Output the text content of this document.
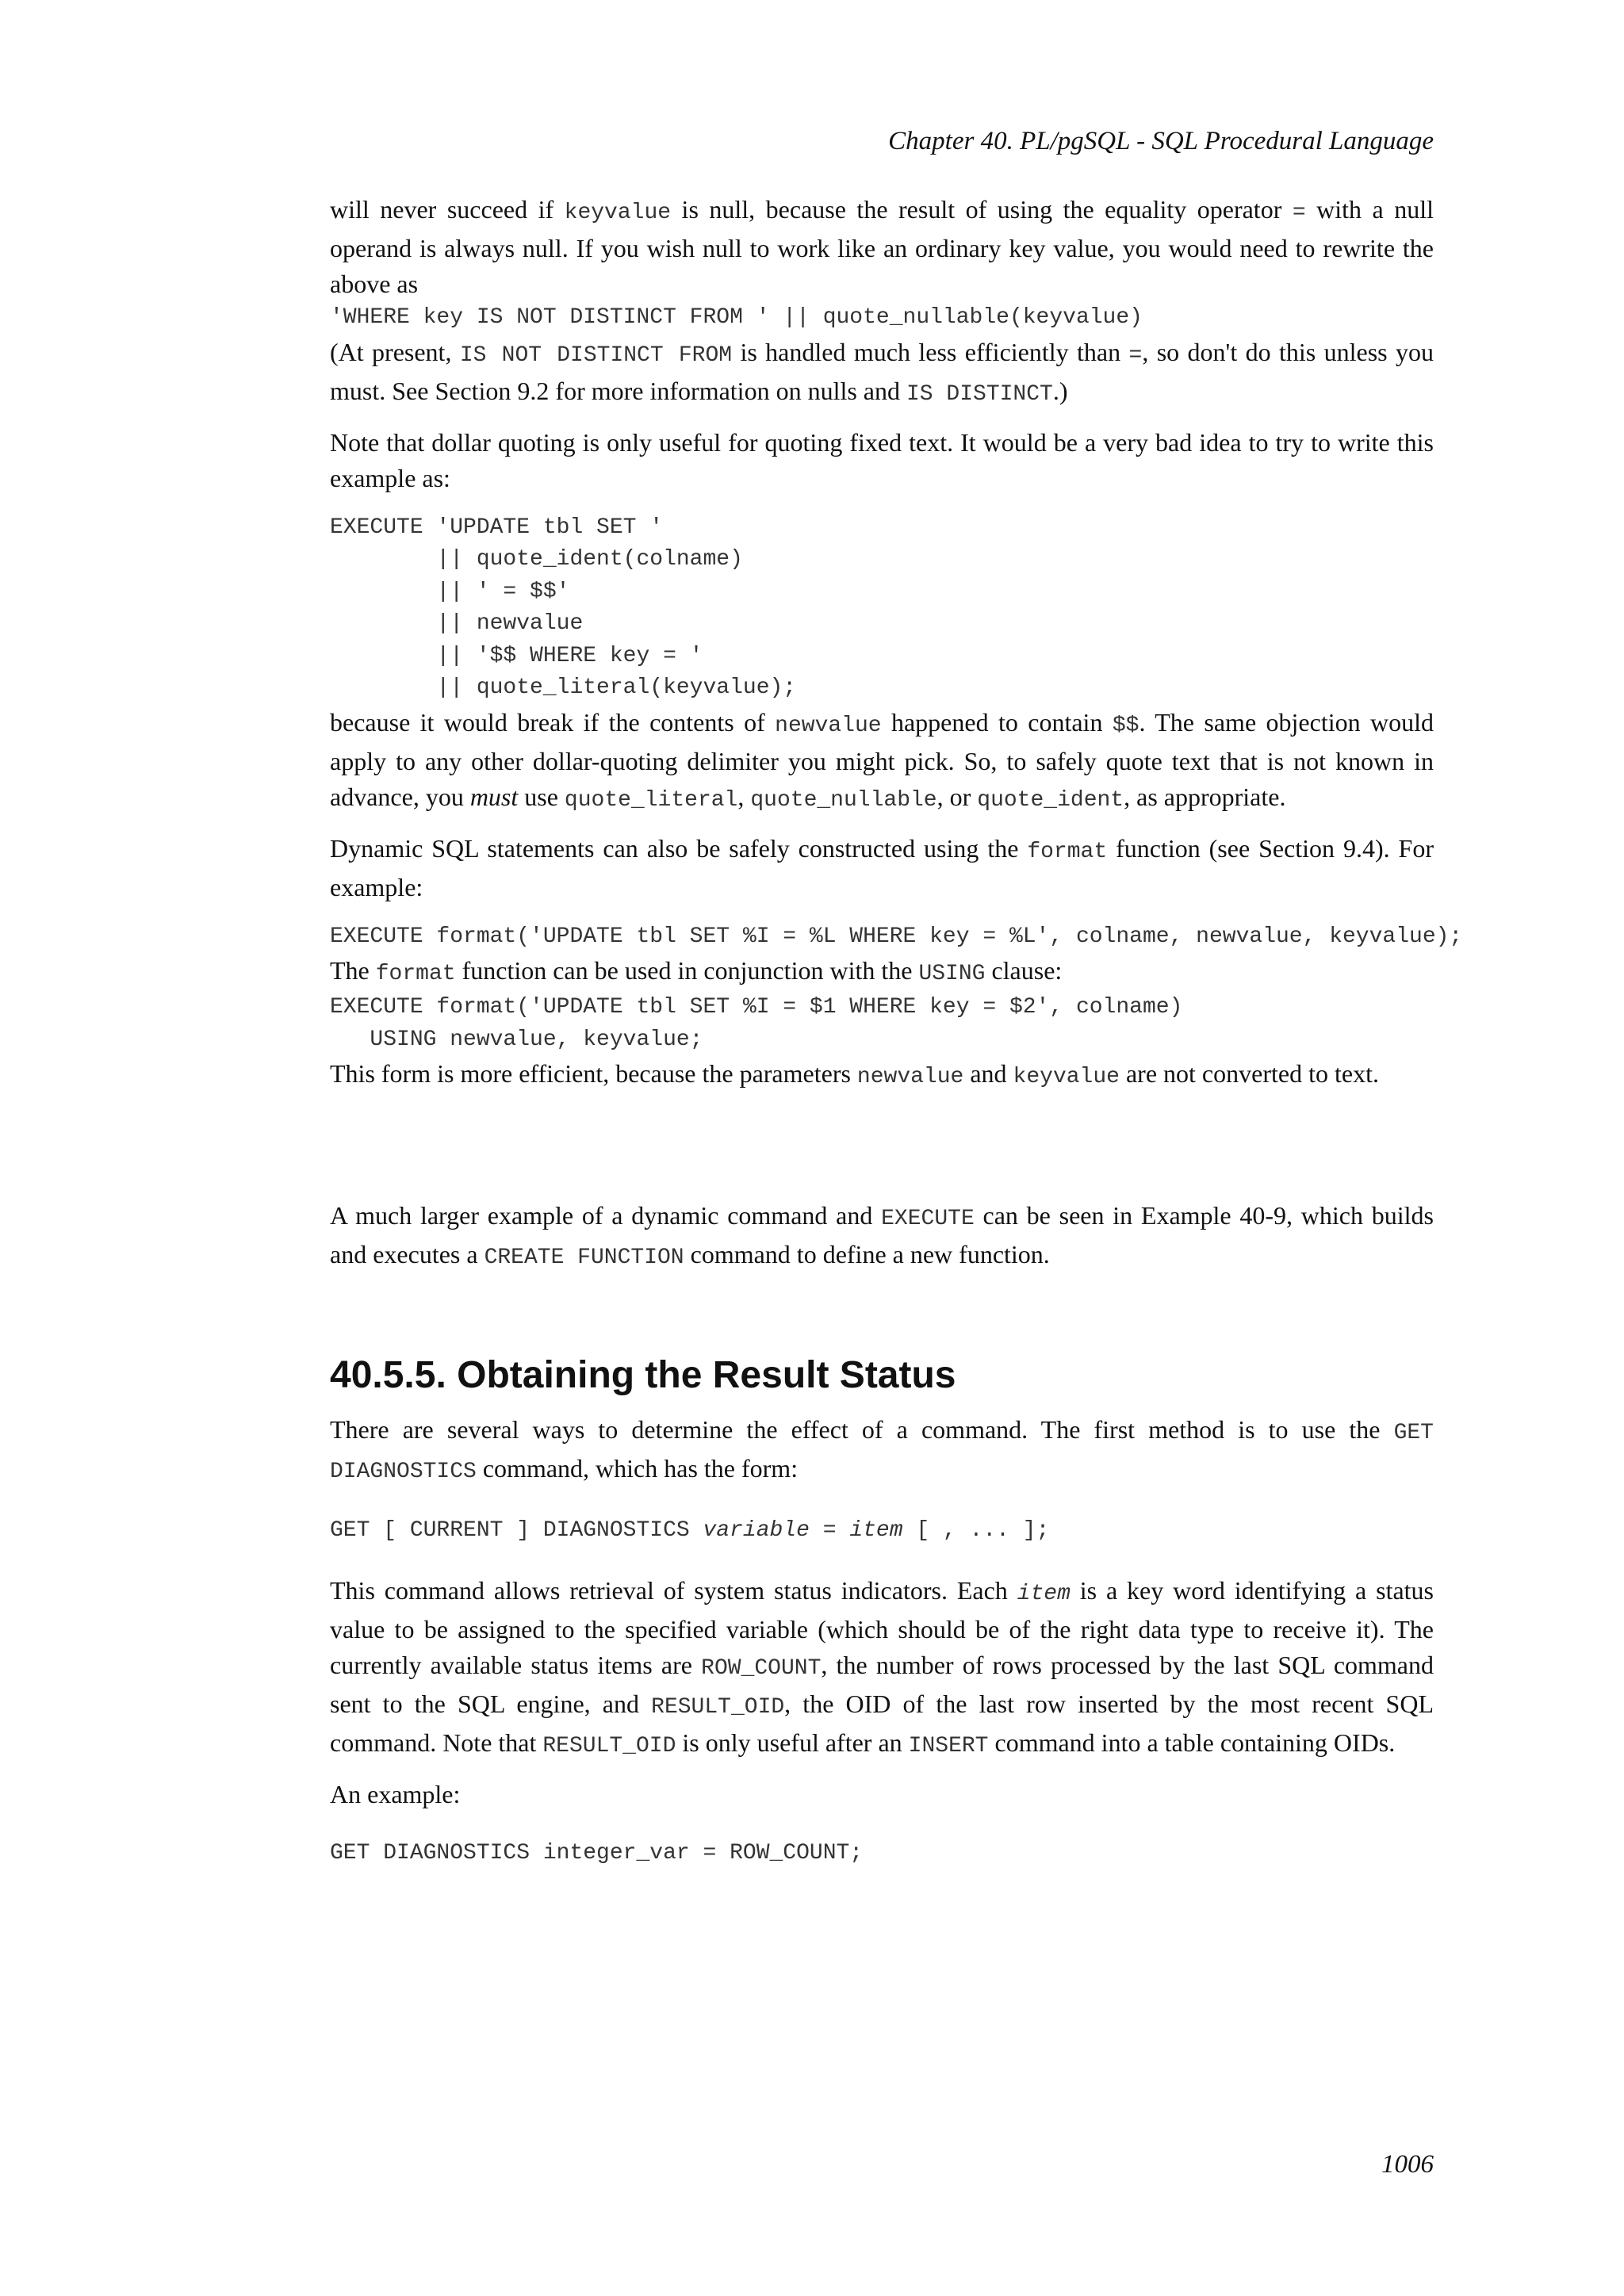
Chapter 40. PL/pgSQL - SQL Procedural Language

will never succeed if keyvalue is null, because the result of using the equality operator = with a null operand is always null. If you wish null to work like an ordinary key value, you would need to rewrite the above as

'WHERE key IS NOT DISTINCT FROM ' || quote_nullable(keyvalue)

(At present, IS NOT DISTINCT FROM is handled much less efficiently than =, so don't do this unless you must. See Section 9.2 for more information on nulls and IS DISTINCT.)

Note that dollar quoting is only useful for quoting fixed text. It would be a very bad idea to try to write this example as:

EXECUTE 'UPDATE tbl SET '
|| quote_ident(colname)
|| ' = $$'
|| newvalue
|| '$$ WHERE key = '
|| quote_literal(keyvalue);

because it would break if the contents of newvalue happened to contain $$. The same objection would apply to any other dollar-quoting delimiter you might pick. So, to safely quote text that is not known in advance, you must use quote_literal, quote_nullable, or quote_ident, as appropriate.

Dynamic SQL statements can also be safely constructed using the format function (see Section 9.4). For example:

EXECUTE format('UPDATE tbl SET %I = %L WHERE key = %L', colname, newvalue, keyvalue);

The format function can be used in conjunction with the USING clause:

EXECUTE format('UPDATE tbl SET %I = $1 WHERE key = $2', colname)
USING newvalue, keyvalue;

This form is more efficient, because the parameters newvalue and keyvalue are not converted to text.

A much larger example of a dynamic command and EXECUTE can be seen in Example 40-9, which builds and executes a CREATE FUNCTION command to define a new function.

40.5.5. Obtaining the Result Status

There are several ways to determine the effect of a command. The first method is to use the GET DIAGNOSTICS command, which has the form:

GET [ CURRENT ] DIAGNOSTICS variable = item [ , ... ];

This command allows retrieval of system status indicators. Each item is a key word identifying a status value to be assigned to the specified variable (which should be of the right data type to receive it). The currently available status items are ROW_COUNT, the number of rows processed by the last SQL command sent to the SQL engine, and RESULT_OID, the OID of the last row inserted by the most recent SQL command. Note that RESULT_OID is only useful after an INSERT command into a table containing OIDs.

An example:

GET DIAGNOSTICS integer_var = ROW_COUNT;
1006
